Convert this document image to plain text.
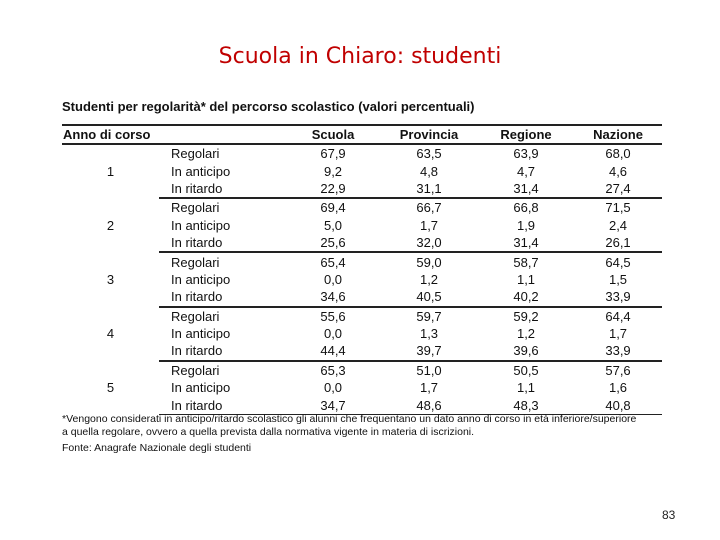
Scuola in Chiaro: studenti
Studenti per regolarità* del percorso scolastico (valori percentuali)
Anno di corso		Scuola	Provincia	Regione	Nazione
1	Regolari	67,9	63,5	63,9	68,0
	In anticipo	9,2	4,8	4,7	4,6
	In ritardo	22,9	31,1	31,4	27,4
2	Regolari	69,4	66,7	66,8	71,5
	In anticipo	5,0	1,7	1,9	2,4
	In ritardo	25,6	32,0	31,4	26,1
3	Regolari	65,4	59,0	58,7	64,5
	In anticipo	0,0	1,2	1,1	1,5
	In ritardo	34,6	40,5	40,2	33,9
4	Regolari	55,6	59,7	59,2	64,4
	In anticipo	0,0	1,3	1,2	1,7
	In ritardo	44,4	39,7	39,6	33,9
5	Regolari	65,3	51,0	50,5	57,6
	In anticipo	0,0	1,7	1,1	1,6
	In ritardo	34,7	48,6	48,3	40,8
*Vengono considerati in anticipo/ritardo scolastico gli alunni che frequentano un dato anno di corso in età inferiore/superiore a quella regolare, ovvero a quella prevista dalla normativa vigente in materia di iscrizioni.
Fonte: Anagrafe Nazionale degli studenti
83
